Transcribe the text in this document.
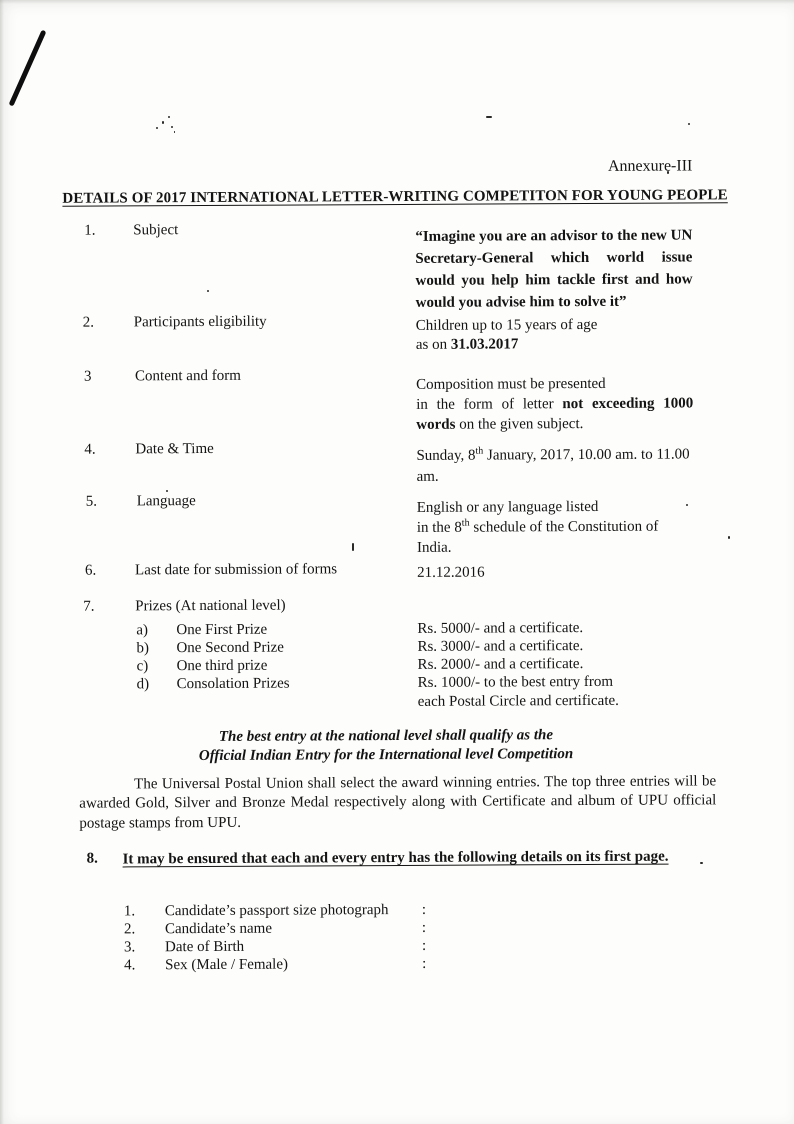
Annexure-III
DETAILS OF 2017 INTERNATIONAL LETTER-WRITING COMPETITON FOR YOUNG PEOPLE
1.	Subject	“Imagine you are an advisor to the new UN Secretary-General which world issue would you help him tackle first and how would you advise him to solve it”
2.	Participants eligibility	Children up to 15 years of age
as on 31.03.2017
3	Content and form	Composition must be presented
in the form of letter not exceeding 1000 words on the given subject.
4.	Date & Time	Sunday, 8th January, 2017, 10.00 am. to 11.00 am.
5.	Language	English or any language listed
in the 8th schedule of the Constitution of India.
6.	Last date for submission of forms	21.12.2016
7.	Prizes (At national level)
a) One First Prize	Rs. 5000/- and a certificate.
b) One Second Prize	Rs. 3000/- and a certificate.
c) One third prize	Rs. 2000/- and a certificate.
d) Consolation Prizes	Rs. 1000/- to the best entry from
each Postal Circle and certificate.
The best entry at the national level shall qualify as the
Official Indian Entry for the International level Competition
The Universal Postal Union shall select the award winning entries. The top three entries will be awarded Gold, Silver and Bronze Medal respectively along with Certificate and album of UPU official postage stamps from UPU.
8. It may be ensured that each and every entry has the following details on its first page.
1. Candidate’s passport size photograph :
2. Candidate’s name	:
3. Date of Birth	:
4. Sex (Male / Female)	:
